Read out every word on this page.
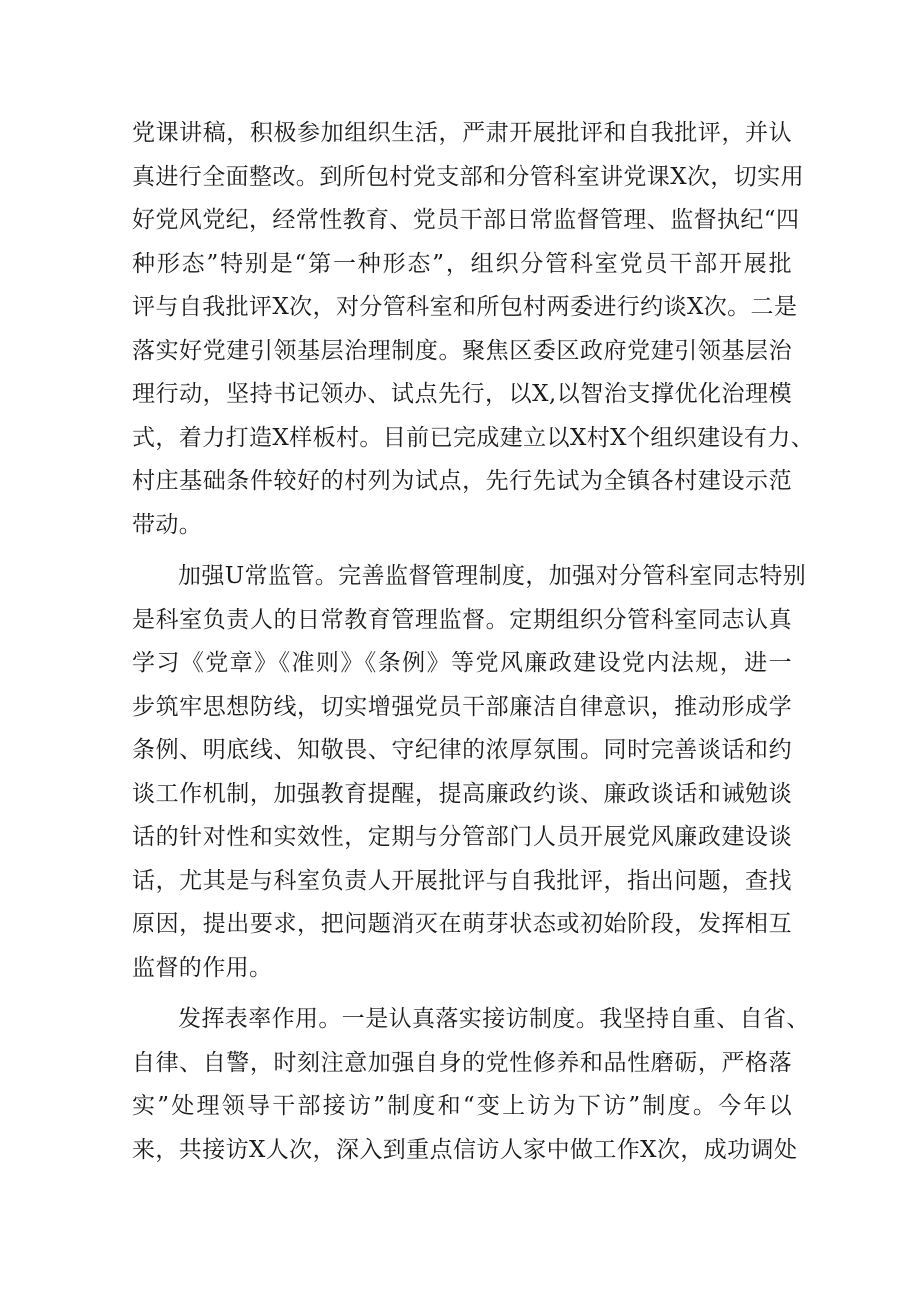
党课讲稿，积极参加组织生活，严肃开展批评和自我批评，并认
真进行全面整改。到所包村党支部和分管科室讲党课X次，切实用
好党风党纪，经常性教育、党员干部日常监督管理、监督执纪“四
种形态”特别是“第一种形态”，组织分管科室党员干部开展批
评与自我批评X次，对分管科室和所包村两委进行约谈X次。二是
落实好党建引领基层治理制度。聚焦区委区政府党建引领基层治
理行动，坚持书记领办、试点先行，以X,以智治支撑优化治理模
式，着力打造X样板村。目前已完成建立以X村X个组织建设有力、
村庄基础条件较好的村列为试点，先行先试为全镇各村建设示范
带动。
加强U常监管。完善监督管理制度，加强对分管科室同志特别
是科室负责人的日常教育管理监督。定期组织分管科室同志认真
学习《党章》《准则》《条例》等党风廉政建设党内法规，进一
步筑牢思想防线，切实增强党员干部廉洁自律意识，推动形成学
条例、明底线、知敬畏、守纪律的浓厚氛围。同时完善谈话和约
谈工作机制，加强教育提醒，提高廉政约谈、廉政谈话和诫勉谈
话的针对性和实效性，定期与分管部门人员开展党风廉政建设谈
话，尤其是与科室负责人开展批评与自我批评，指出问题，查找
原因，提出要求，把问题消灭在萌芽状态或初始阶段，发挥相互
监督的作用。
发挥表率作用。一是认真落实接访制度。我坚持自重、自省、
自律、自警，时刻注意加强自身的党性修养和品性磨砺，严格落
实”处理领导干部接访”制度和“变上访为下访”制度。今年以
来，共接访X人次，深入到重点信访人家中做工作X次，成功调处
